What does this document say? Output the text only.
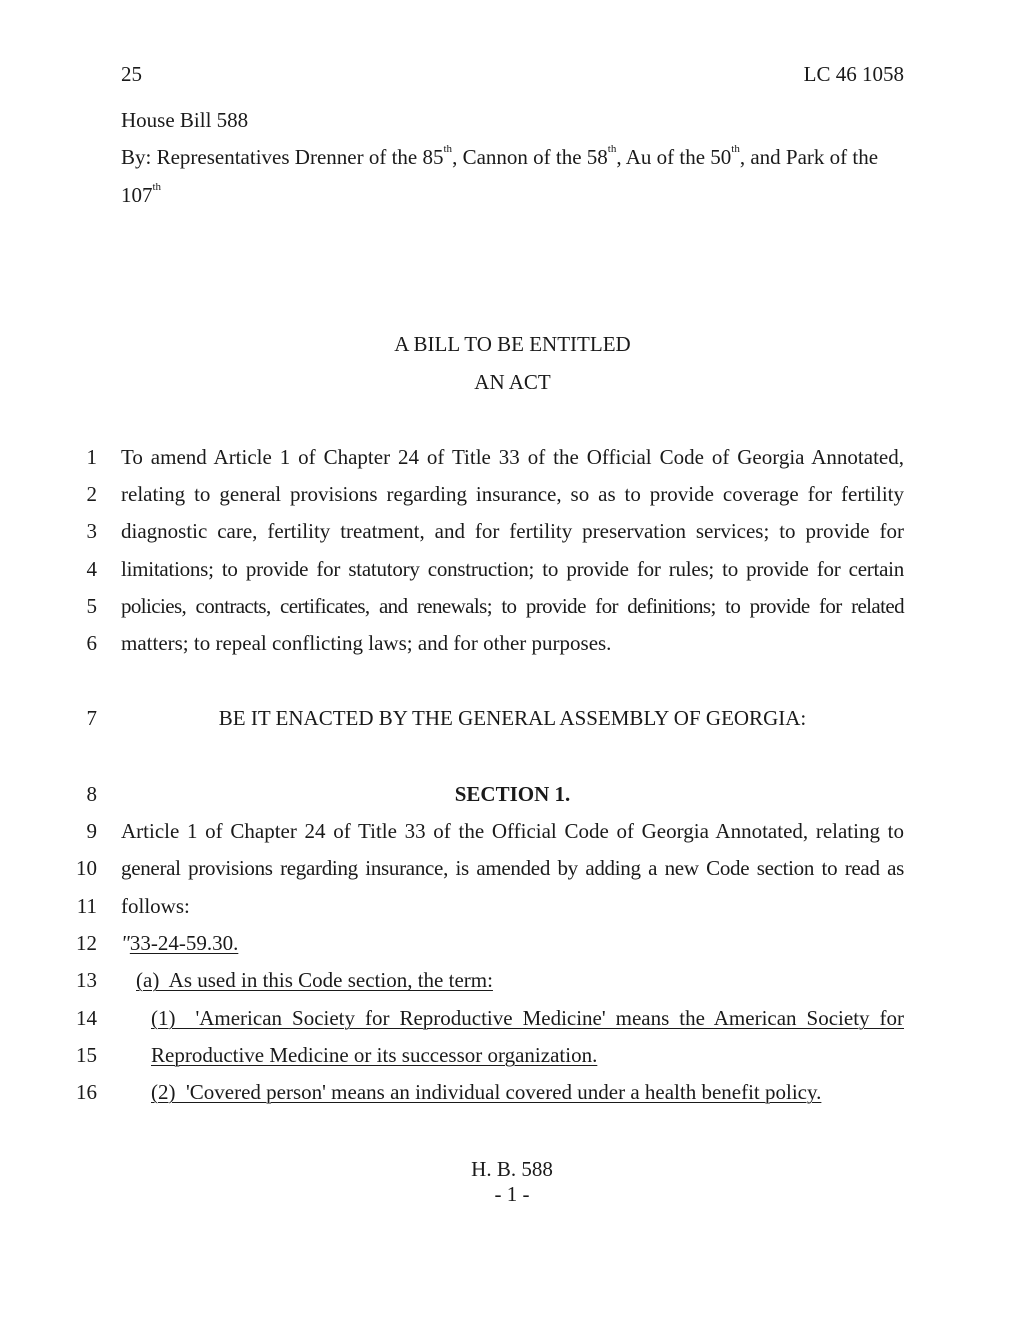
25	LC 46 1058
House Bill 588
By: Representatives Drenner of the 85th, Cannon of the 58th, Au of the 50th, and Park of the
107th
A BILL TO BE ENTITLED
AN ACT
1 To amend Article 1 of Chapter 24 of Title 33 of the Official Code of Georgia Annotated,
2 relating to general provisions regarding insurance, so as to provide coverage for fertility
3 diagnostic care, fertility treatment, and for fertility preservation services; to provide for
4 limitations; to provide for statutory construction; to provide for rules; to provide for certain
5 policies, contracts, certificates, and renewals; to provide for definitions; to provide for related
6 matters; to repeal conflicting laws; and for other purposes.
7	BE IT ENACTED BY THE GENERAL ASSEMBLY OF GEORGIA:
8	SECTION 1.
9 Article 1 of Chapter 24 of Title 33 of the Official Code of Georgia Annotated, relating to
10 general provisions regarding insurance, is amended by adding a new Code section to read as
11 follows:
12 "33-24-59.30.
13 (a)  As used in this Code section, the term:
14	(1)  'American Society for Reproductive Medicine' means the American Society for
15	Reproductive Medicine or its successor organization.
16	(2)  'Covered person' means an individual covered under a health benefit policy.
H. B. 588
- 1 -
